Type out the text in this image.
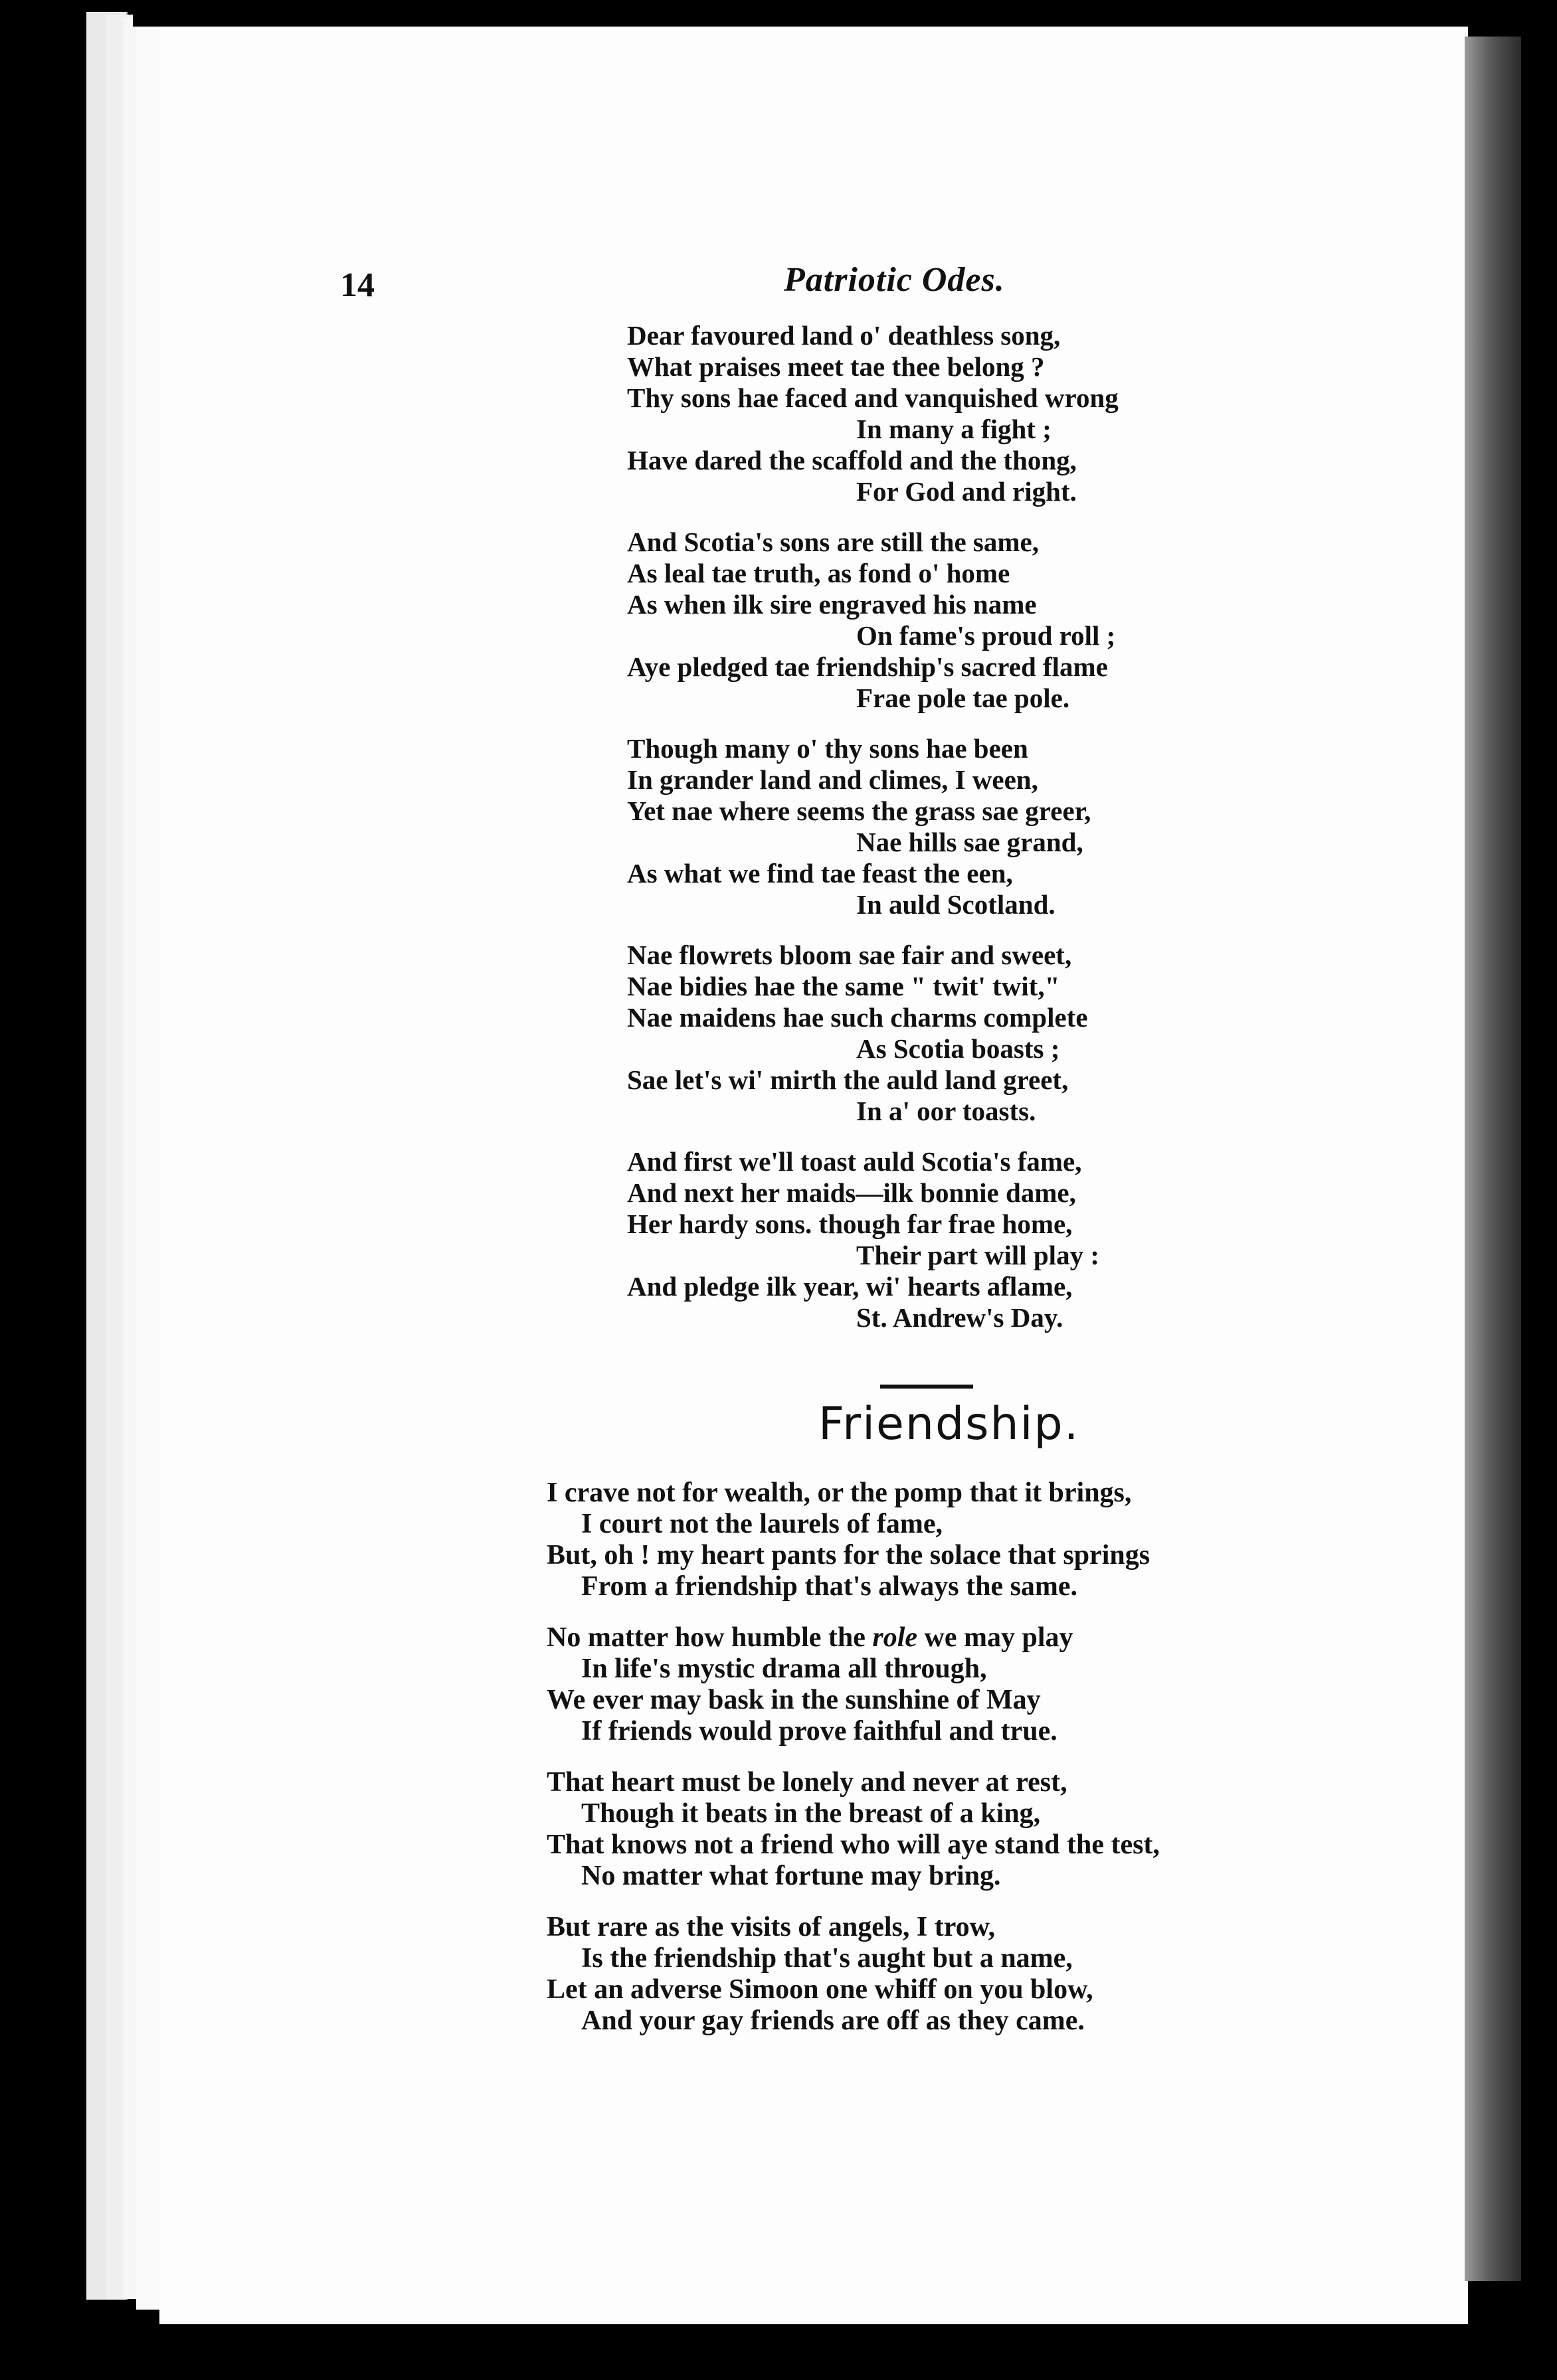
14	Patriotic Odes.
Dear favoured land o' deathless song,
What praises meet tae thee belong ?
Thy sons hae faced and vanquished wrong
In many a fight ;
Have dared the scaffold and the thong,
For God and right.
And Scotia's sons are still the same,
As leal tae truth, as fond o' home
As when ilk sire engraved his name
On fame's proud roll ;
Aye pledged tae friendship's sacred flame
Frae pole tae pole.
Though many o' thy sons hae been
In grander land and climes, I ween,
Yet nae where seems the grass sae greer,
Nae hills sae grand,
As what we find tae feast the een,
In auld Scotland.
Nae flowrets bloom sae fair and sweet,
Nae bidies hae the same " twit' twit,"
Nae maidens hae such charms complete
As Scotia boasts ;
Sae let's wi' mirth the auld land greet,
In a' oor toasts.
And first we'll toast auld Scotia's fame,
And next her maids—ilk bonnie dame,
Her hardy sons. though far frae home,
Their part will play :
And pledge ilk year, wi' hearts aflame,
St. Andrew's Day.
Friendship.
I crave not for wealth, or the pomp that it brings,
I court not the laurels of fame,
But, oh ! my heart pants for the solace that springs
From a friendship that's always the same.
No matter how humble the role we may play
In life's mystic drama all through,
We ever may bask in the sunshine of May
If friends would prove faithful and true.
That heart must be lonely and never at rest,
Though it beats in the breast of a king,
That knows not a friend who will aye stand the test,
No matter what fortune may bring.
But rare as the visits of angels, I trow,
Is the friendship that's aught but a name,
Let an adverse Simoon one whiff on you blow,
And your gay friends are off as they came.
